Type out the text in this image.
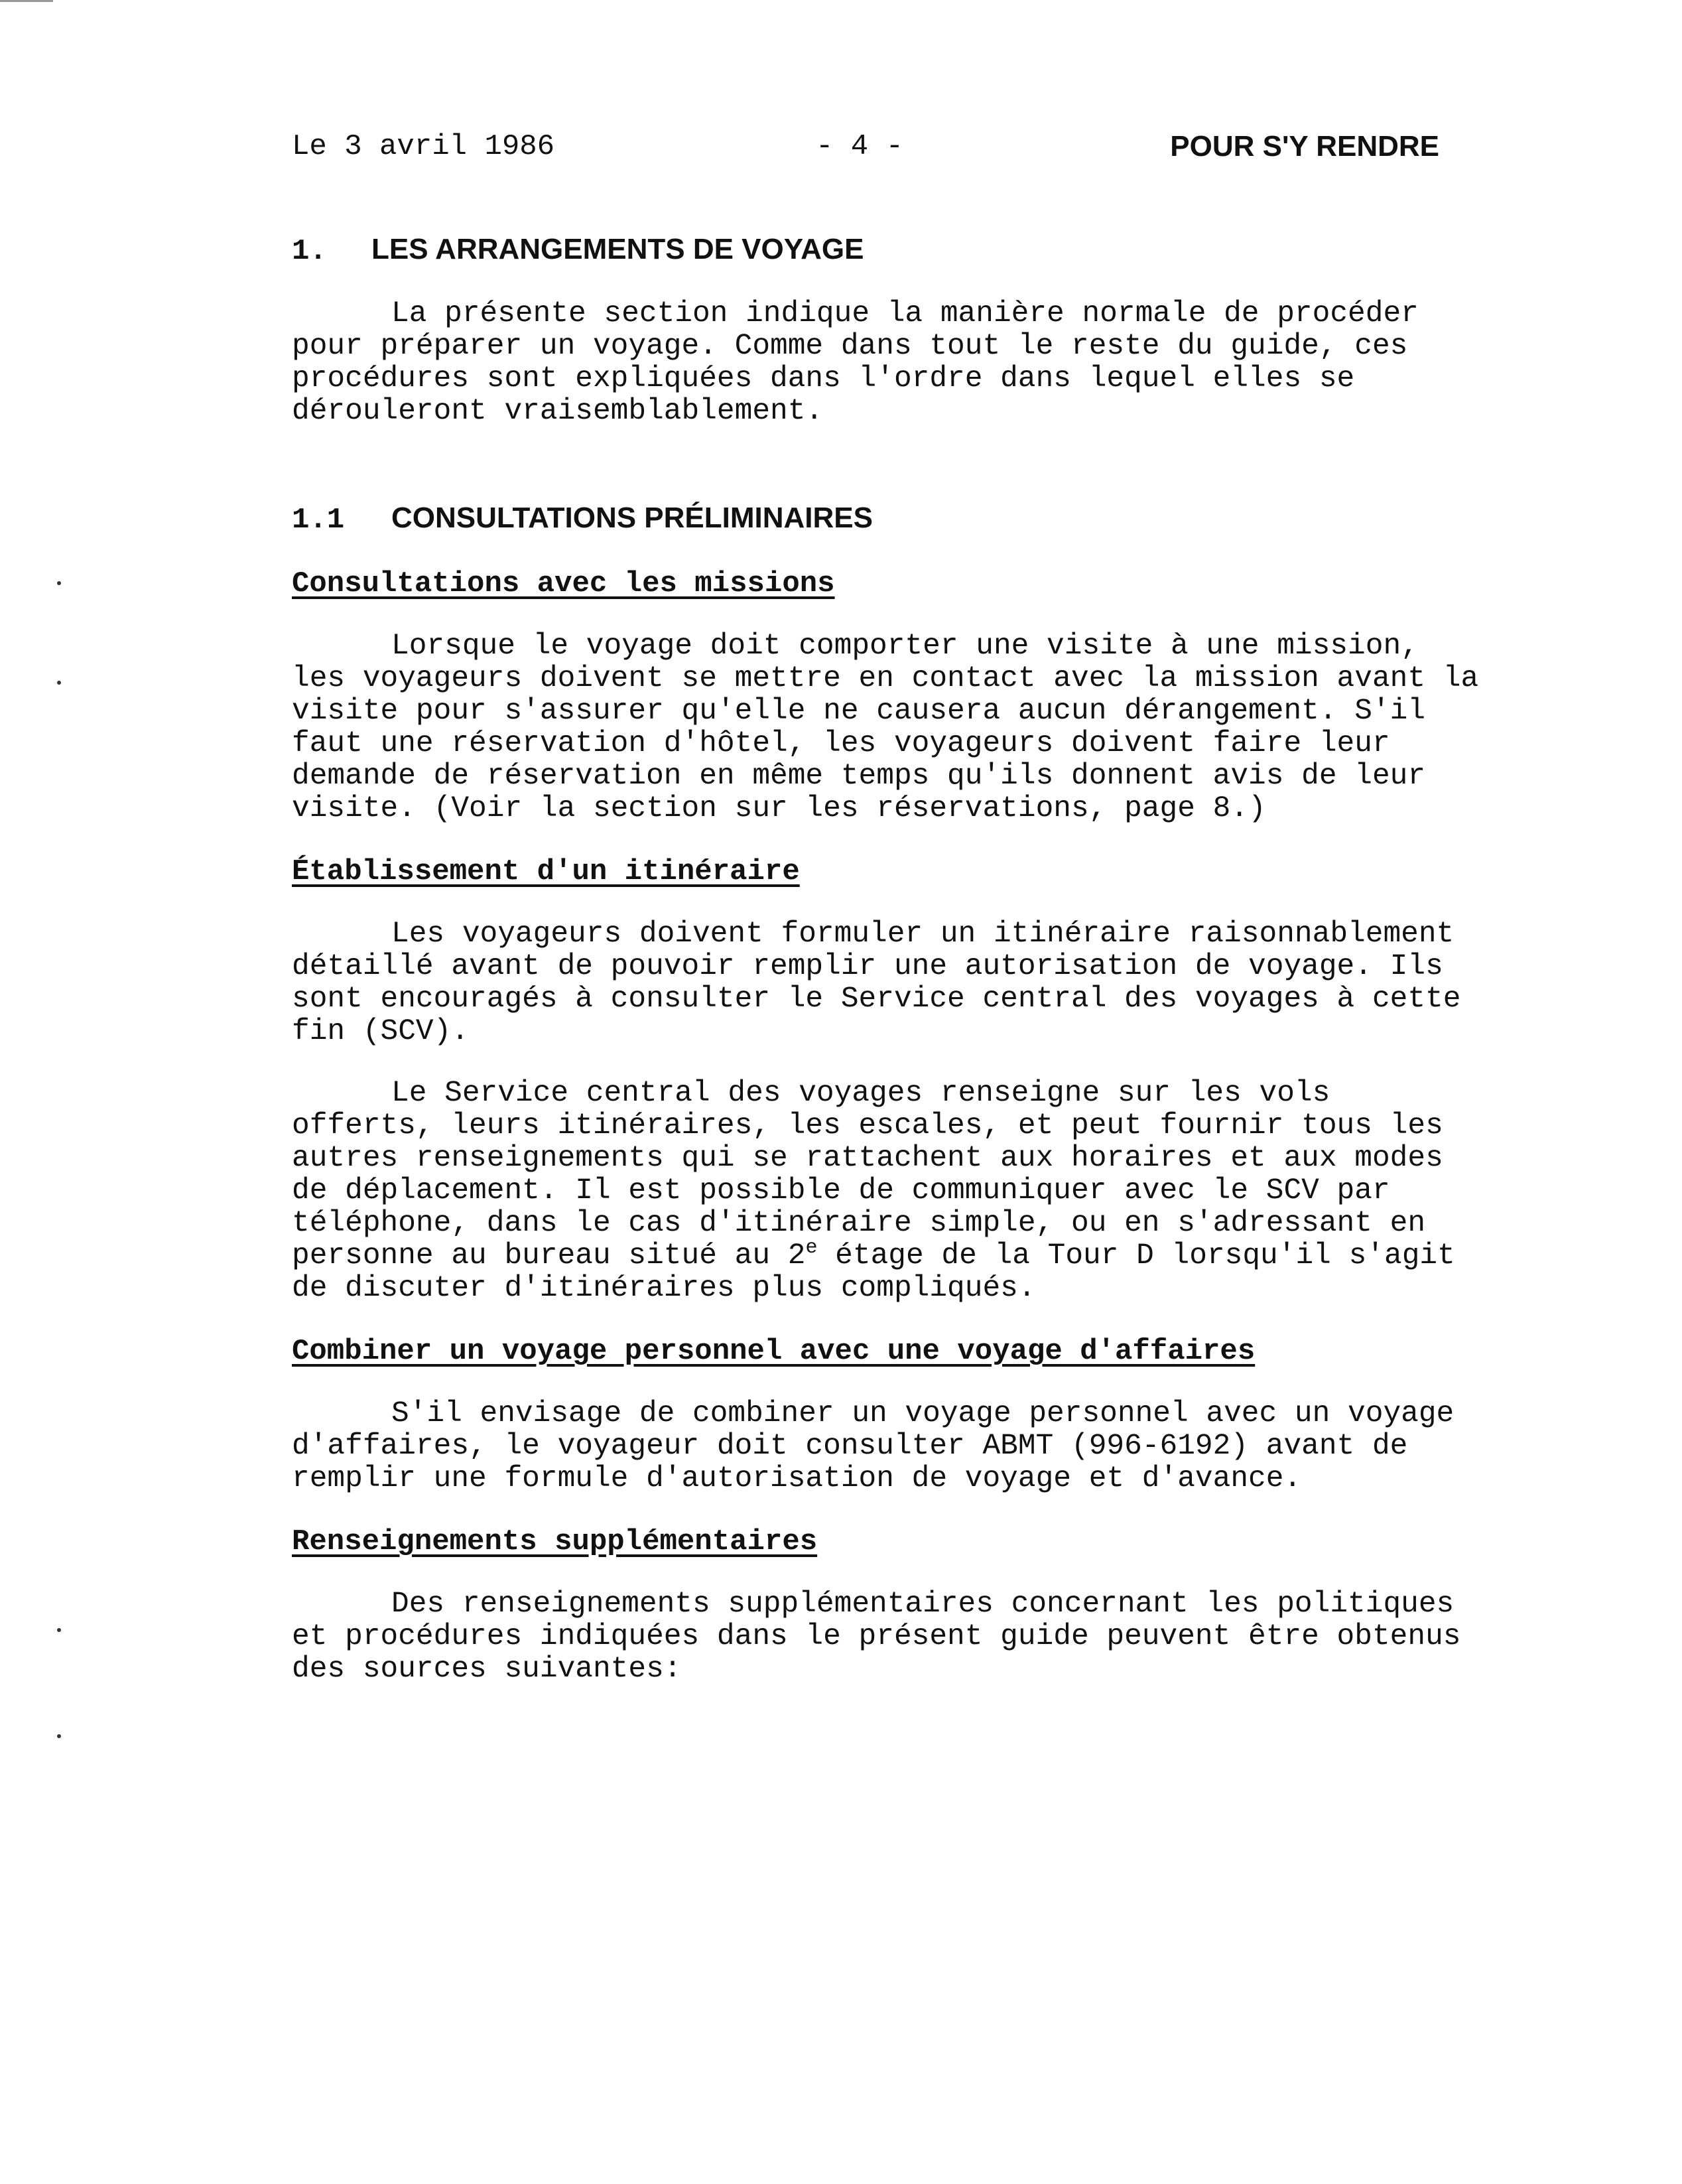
Le 3 avril 1986	- 4 -	POUR S'Y RENDRE
1. LES ARRANGEMENTS DE VOYAGE

La présente section indique la manière normale de procéder pour préparer un voyage. Comme dans tout le reste du guide, ces procédures sont expliquées dans l'ordre dans lequel elles se dérouleront vraisemblablement.

1.1 CONSULTATIONS PRÉLIMINAIRES
Consultations avec les missions

Lorsque le voyage doit comporter une visite à une mission, les voyageurs doivent se mettre en contact avec la mission avant la visite pour s'assurer qu'elle ne causera aucun dérangement. S'il faut une réservation d'hôtel, les voyageurs doivent faire leur demande de réservation en même temps qu'ils donnent avis de leur visite. (Voir la section sur les réservations, page 8.)

Établissement d'un itinéraire

Les voyageurs doivent formuler un itinéraire raisonnablement détaillé avant de pouvoir remplir une autorisation de voyage. Ils sont encouragés à consulter le Service central des voyages à cette fin (SCV).

Le Service central des voyages renseigne sur les vols offerts, leurs itinéraires, les escales, et peut fournir tous les autres renseignements qui se rattachent aux horaires et aux modes de déplacement. Il est possible de communiquer avec le SCV par téléphone, dans le cas d'itinéraire simple, ou en s'adressant en personne au bureau situé au 2e étage de la Tour D lorsqu'il s'agit de discuter d'itinéraires plus compliqués.

Combiner un voyage personnel avec une voyage d'affaires

S'il envisage de combiner un voyage personnel avec un voyage d'affaires, le voyageur doit consulter ABMT (996-6192) avant de remplir une formule d'autorisation de voyage et d'avance.

Renseignements supplémentaires

Des renseignements supplémentaires concernant les politiques et procédures indiquées dans le présent guide peuvent être obtenus des sources suivantes:
